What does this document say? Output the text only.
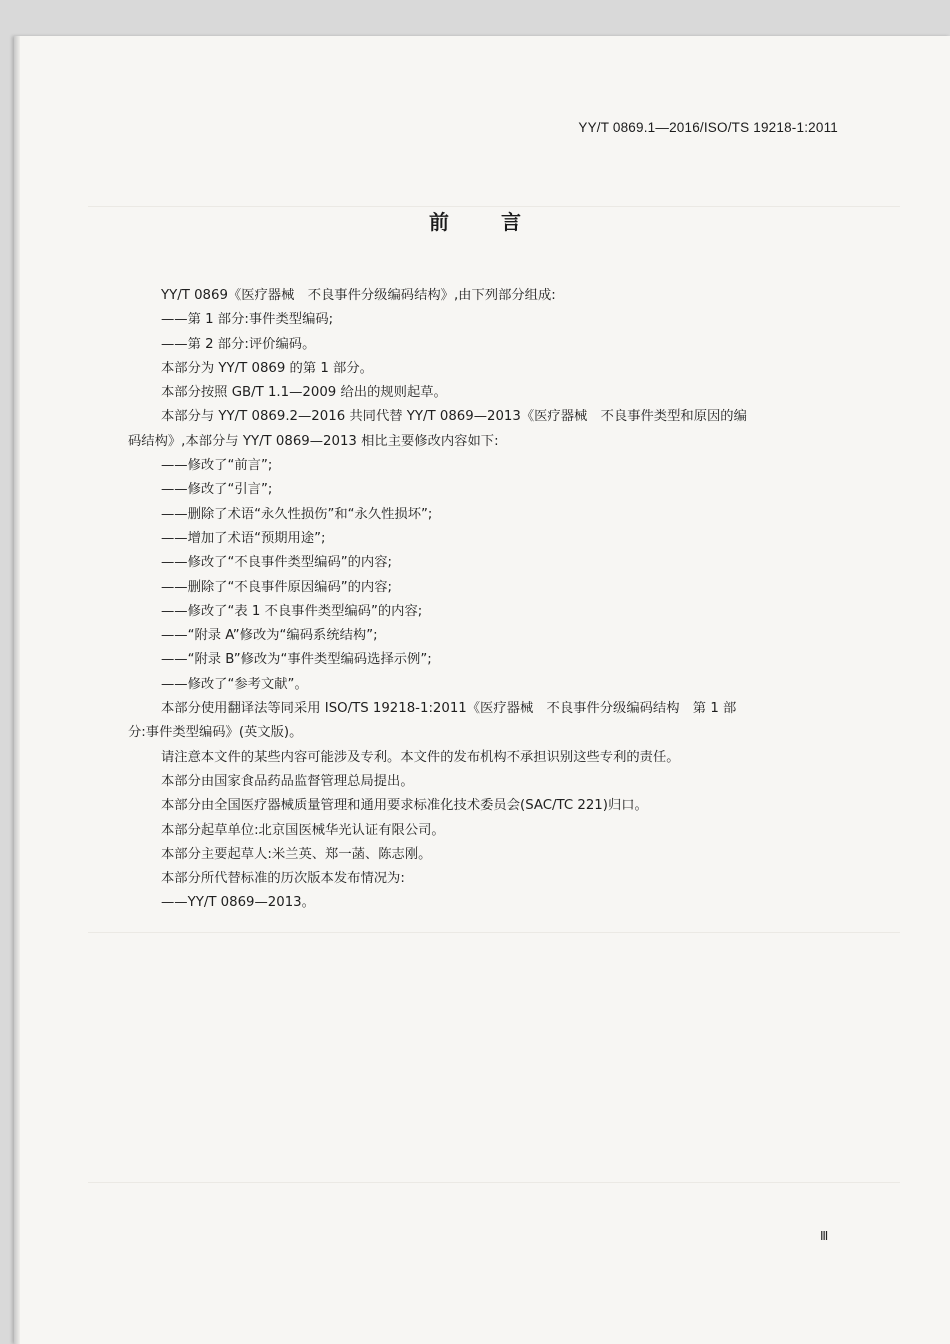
YY/T 0869.1—2016/ISO/TS 19218-1:2011
前	言
YY/T 0869《医疗器械　不良事件分级编码结构》,由下列部分组成:
——第 1 部分:事件类型编码;
——第 2 部分:评价编码。
本部分为 YY/T 0869 的第 1 部分。
本部分按照 GB/T 1.1—2009 给出的规则起草。
本部分与 YY/T 0869.2—2016 共同代替 YY/T 0869—2013《医疗器械　不良事件类型和原因的编
码结构》,本部分与 YY/T 0869—2013 相比主要修改内容如下:
——修改了“前言”;
——修改了“引言”;
——删除了术语“永久性损伤”和“永久性损坏”;
——增加了术语“预期用途”;
——修改了“不良事件类型编码”的内容;
——删除了“不良事件原因编码”的内容;
——修改了“表 1 不良事件类型编码”的内容;
——“附录 A”修改为“编码系统结构”;
——“附录 B”修改为“事件类型编码选择示例”;
——修改了“参考文献”。
本部分使用翻译法等同采用 ISO/TS 19218-1:2011《医疗器械　不良事件分级编码结构　第 1 部
分:事件类型编码》(英文版)。
请注意本文件的某些内容可能涉及专利。本文件的发布机构不承担识别这些专利的责任。
本部分由国家食品药品监督管理总局提出。
本部分由全国医疗器械质量管理和通用要求标准化技术委员会(SAC/TC 221)归口。
本部分起草单位:北京国医械华光认证有限公司。
本部分主要起草人:米兰英、郑一菡、陈志刚。
本部分所代替标准的历次版本发布情况为:
——YY/T 0869—2013。
Ⅲ
